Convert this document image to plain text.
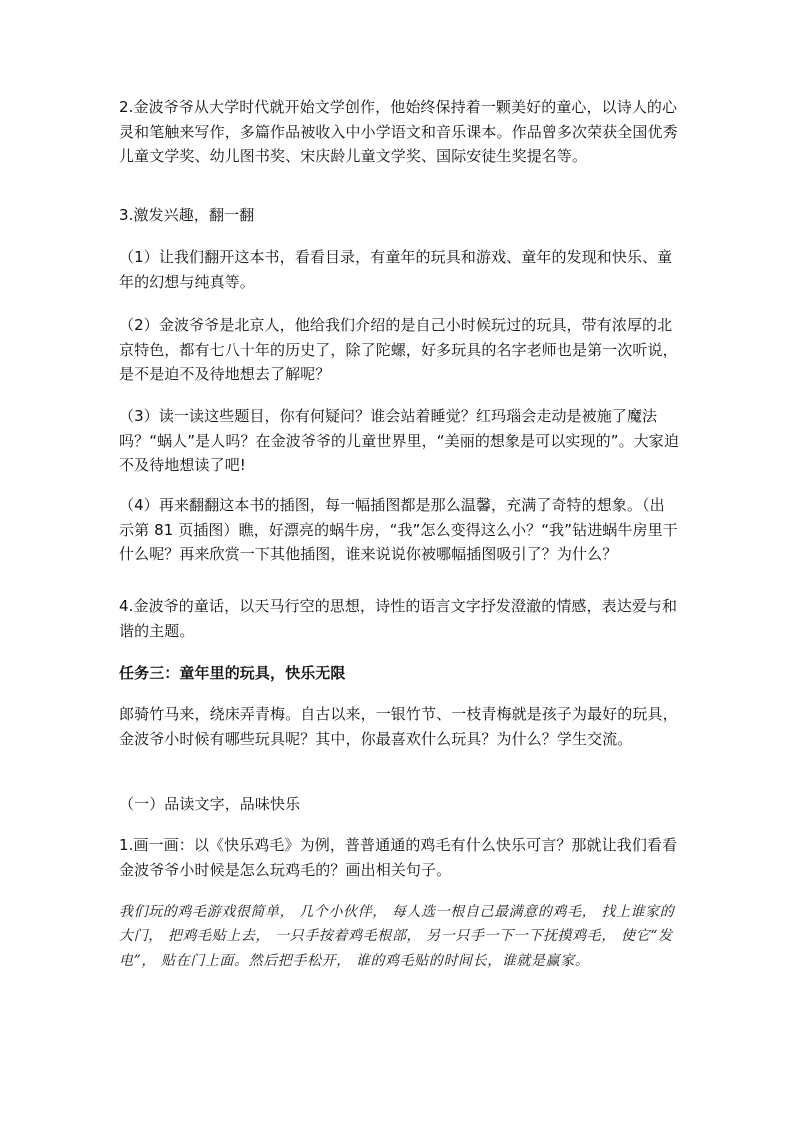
2.金波爷爷从大学时代就开始文学创作，他始终保持着一颗美好的童心，以诗人的心灵和笔触来写作，多篇作品被收入中小学语文和音乐课本。作品曾多次荣获全国优秀儿童文学奖、幼儿图书奖、宋庆龄儿童文学奖、国际安徒生奖提名等。

3.激发兴趣，翻一翻

（1）让我们翻开这本书，看看目录，有童年的玩具和游戏、童年的发现和快乐、童年的幻想与纯真等。

（2）金波爷爷是北京人，他给我们介绍的是自己小时候玩过的玩具，带有浓厚的北京特色，都有七八十年的历史了，除了陀螺，好多玩具的名字老师也是第一次听说，是不是迫不及待地想去了解呢？

（3）读一读这些题目，你有何疑问？谁会站着睡觉？红玛瑙会走动是被施了魔法吗？“蜗人”是人吗？在金波爷爷的儿童世界里，“美丽的想象是可以实现的”。大家迫不及待地想读了吧!

（4）再来翻翻这本书的插图，每一幅插图都是那么温馨，充满了奇特的想象。（出示第 81 页插图）瞧，好漂亮的蜗牛房，“我”怎么变得这么小？“我”钻进蜗牛房里干什么呢？再来欣赏一下其他插图，谁来说说你被哪幅插图吸引了？为什么？

4.金波爷的童话，以天马行空的思想，诗性的语言文字抒发澄澈的情感，表达爱与和谐的主题。

任务三：童年里的玩具，快乐无限

郎骑竹马来，绕床弄青梅。自古以来，一银竹节、一枝青梅就是孩子为最好的玩具，金波爷小时候有哪些玩具呢？其中，你最喜欢什么玩具？为什么？学生交流。

（一）品读文字，品味快乐

1.画一画：以《快乐鸡毛》为例，普普通通的鸡毛有什么快乐可言？那就让我们看看金波爷爷小时候是怎么玩鸡毛的？画出相关句子。

我们玩的鸡毛游戏很简单， 几个小伙伴， 每人选一根自己最满意的鸡毛， 找上谁家的大门， 把鸡毛贴上去， 一只手按着鸡毛根部， 另一只手一下一下抚摸鸡毛， 使它“发电”， 贴在门上面。然后把手松开， 谁的鸡毛贴的时间长，谁就是赢家。
